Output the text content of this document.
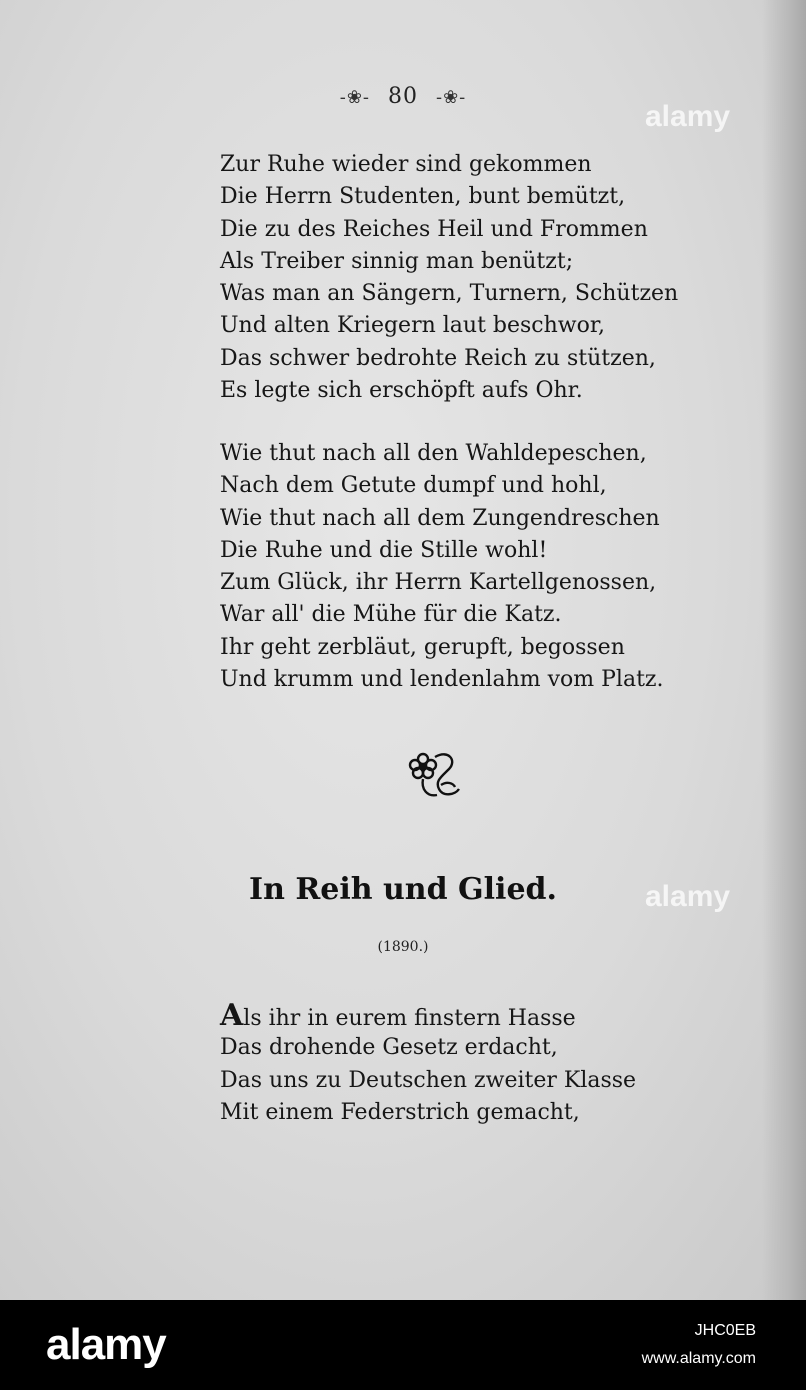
-❀- 80 -❀-
Zur Ruhe wieder sind gekommen
Die Herrn Studenten, bunt bemützt,
Die zu des Reiches Heil und Frommen
Als Treiber sinnig man benützt;
Was man an Sängern, Turnern, Schützen
Und alten Kriegern laut beschwor,
Das schwer bedrohte Reich zu stützen,
Es legte sich erschöpft aufs Ohr.
Wie thut nach all den Wahldepeschen,
Nach dem Getute dumpf und hohl,
Wie thut nach all dem Zungendreschen
Die Ruhe und die Stille wohl!
Zum Glück, ihr Herrn Kartellgenossen,
War all' die Mühe für die Katz.
Ihr geht zerbläut, gerupft, begossen
Und krumm und lendenlahm vom Platz.
In Reih und Glied.
(1890.)
Als ihr in eurem finstern Hasse
Das drohende Gesetz erdacht,
Das uns zu Deutschen zweiter Klasse
Mit einem Federstrich gemacht,
alamy
alamy
alamy	JHC0EB
www.alamy.com
